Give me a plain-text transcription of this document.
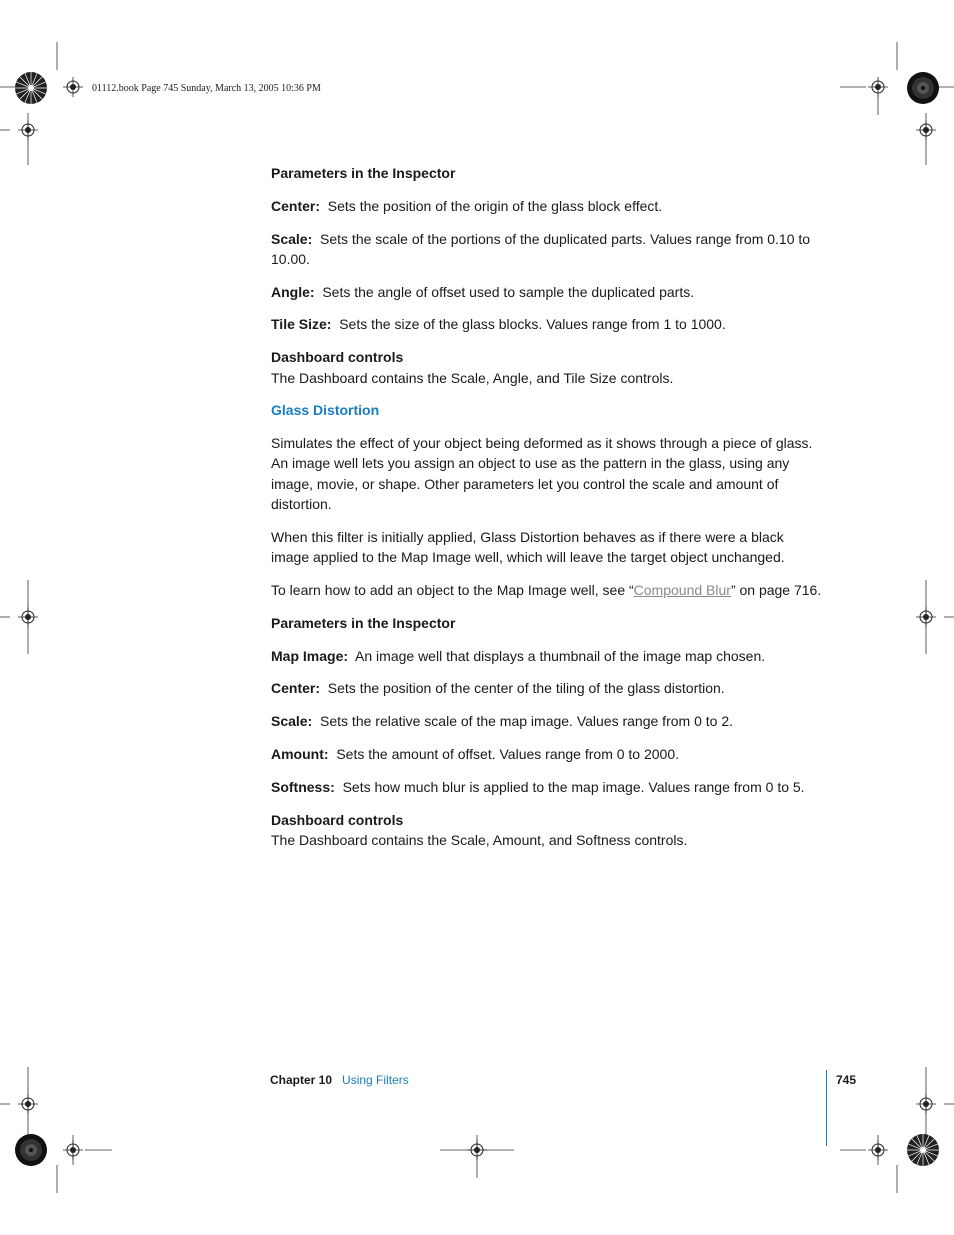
01112.book Page 745 Sunday, March 13, 2005 10:36 PM

Parameters in the Inspector

Center: Sets the position of the origin of the glass block effect.

Scale: Sets the scale of the portions of the duplicated parts. Values range from 0.10 to 10.00.

Angle: Sets the angle of offset used to sample the duplicated parts.

Tile Size: Sets the size of the glass blocks. Values range from 1 to 1000.

Dashboard controls

The Dashboard contains the Scale, Angle, and Tile Size controls.

Glass Distortion

Simulates the effect of your object being deformed as it shows through a piece of glass. An image well lets you assign an object to use as the pattern in the glass, using any image, movie, or shape. Other parameters let you control the scale and amount of distortion.

When this filter is initially applied, Glass Distortion behaves as if there were a black image applied to the Map Image well, which will leave the target object unchanged.

To learn how to add an object to the Map Image well, see “Compound Blur” on page 716.

Parameters in the Inspector

Map Image: An image well that displays a thumbnail of the image map chosen.

Center: Sets the position of the center of the tiling of the glass distortion.

Scale: Sets the relative scale of the map image. Values range from 0 to 2.

Amount: Sets the amount of offset. Values range from 0 to 2000.

Softness: Sets how much blur is applied to the map image. Values range from 0 to 5.

Dashboard controls

The Dashboard contains the Scale, Amount, and Softness controls.

Chapter 10 Using Filters	745
